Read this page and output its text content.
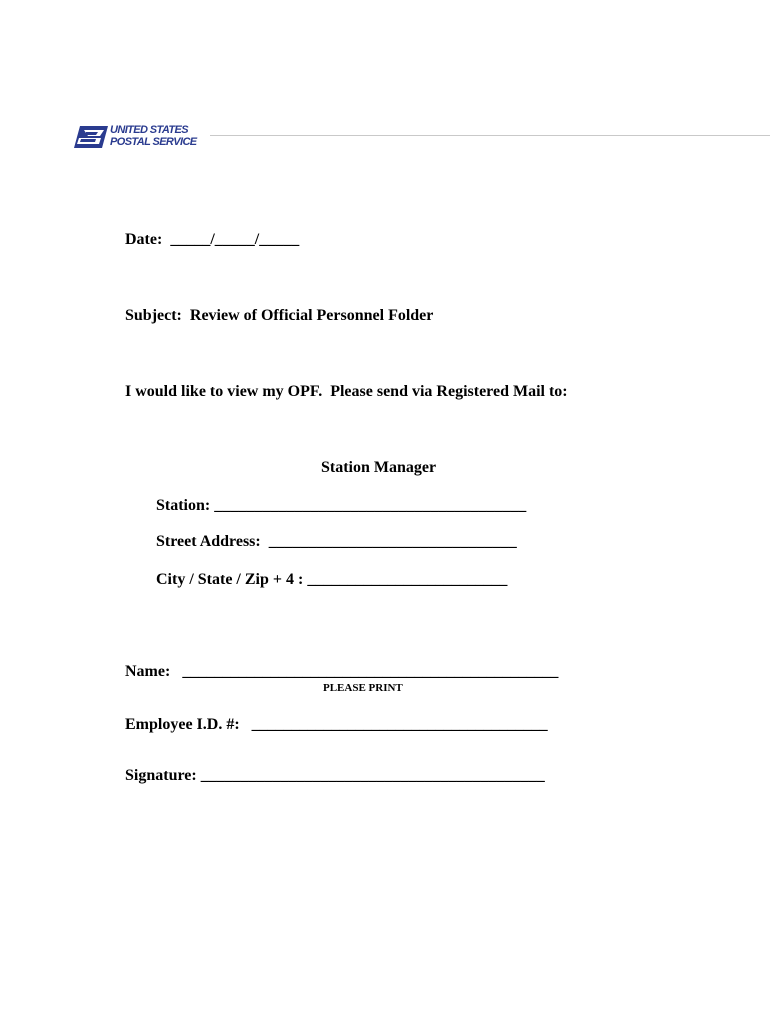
UNITED STATES
POSTAL SERVICE
Date: _____/_____/_____
Subject: Review of Official Personnel Folder
I would like to view my OPF.  Please send via Registered Mail to:
Station Manager
Station: _______________________________________
Street Address: _______________________________
City / State / Zip + 4 : _________________________
Name: _______________________________________________
PLEASE PRINT
Employee I.D. #: _____________________________________
Signature: ___________________________________________
